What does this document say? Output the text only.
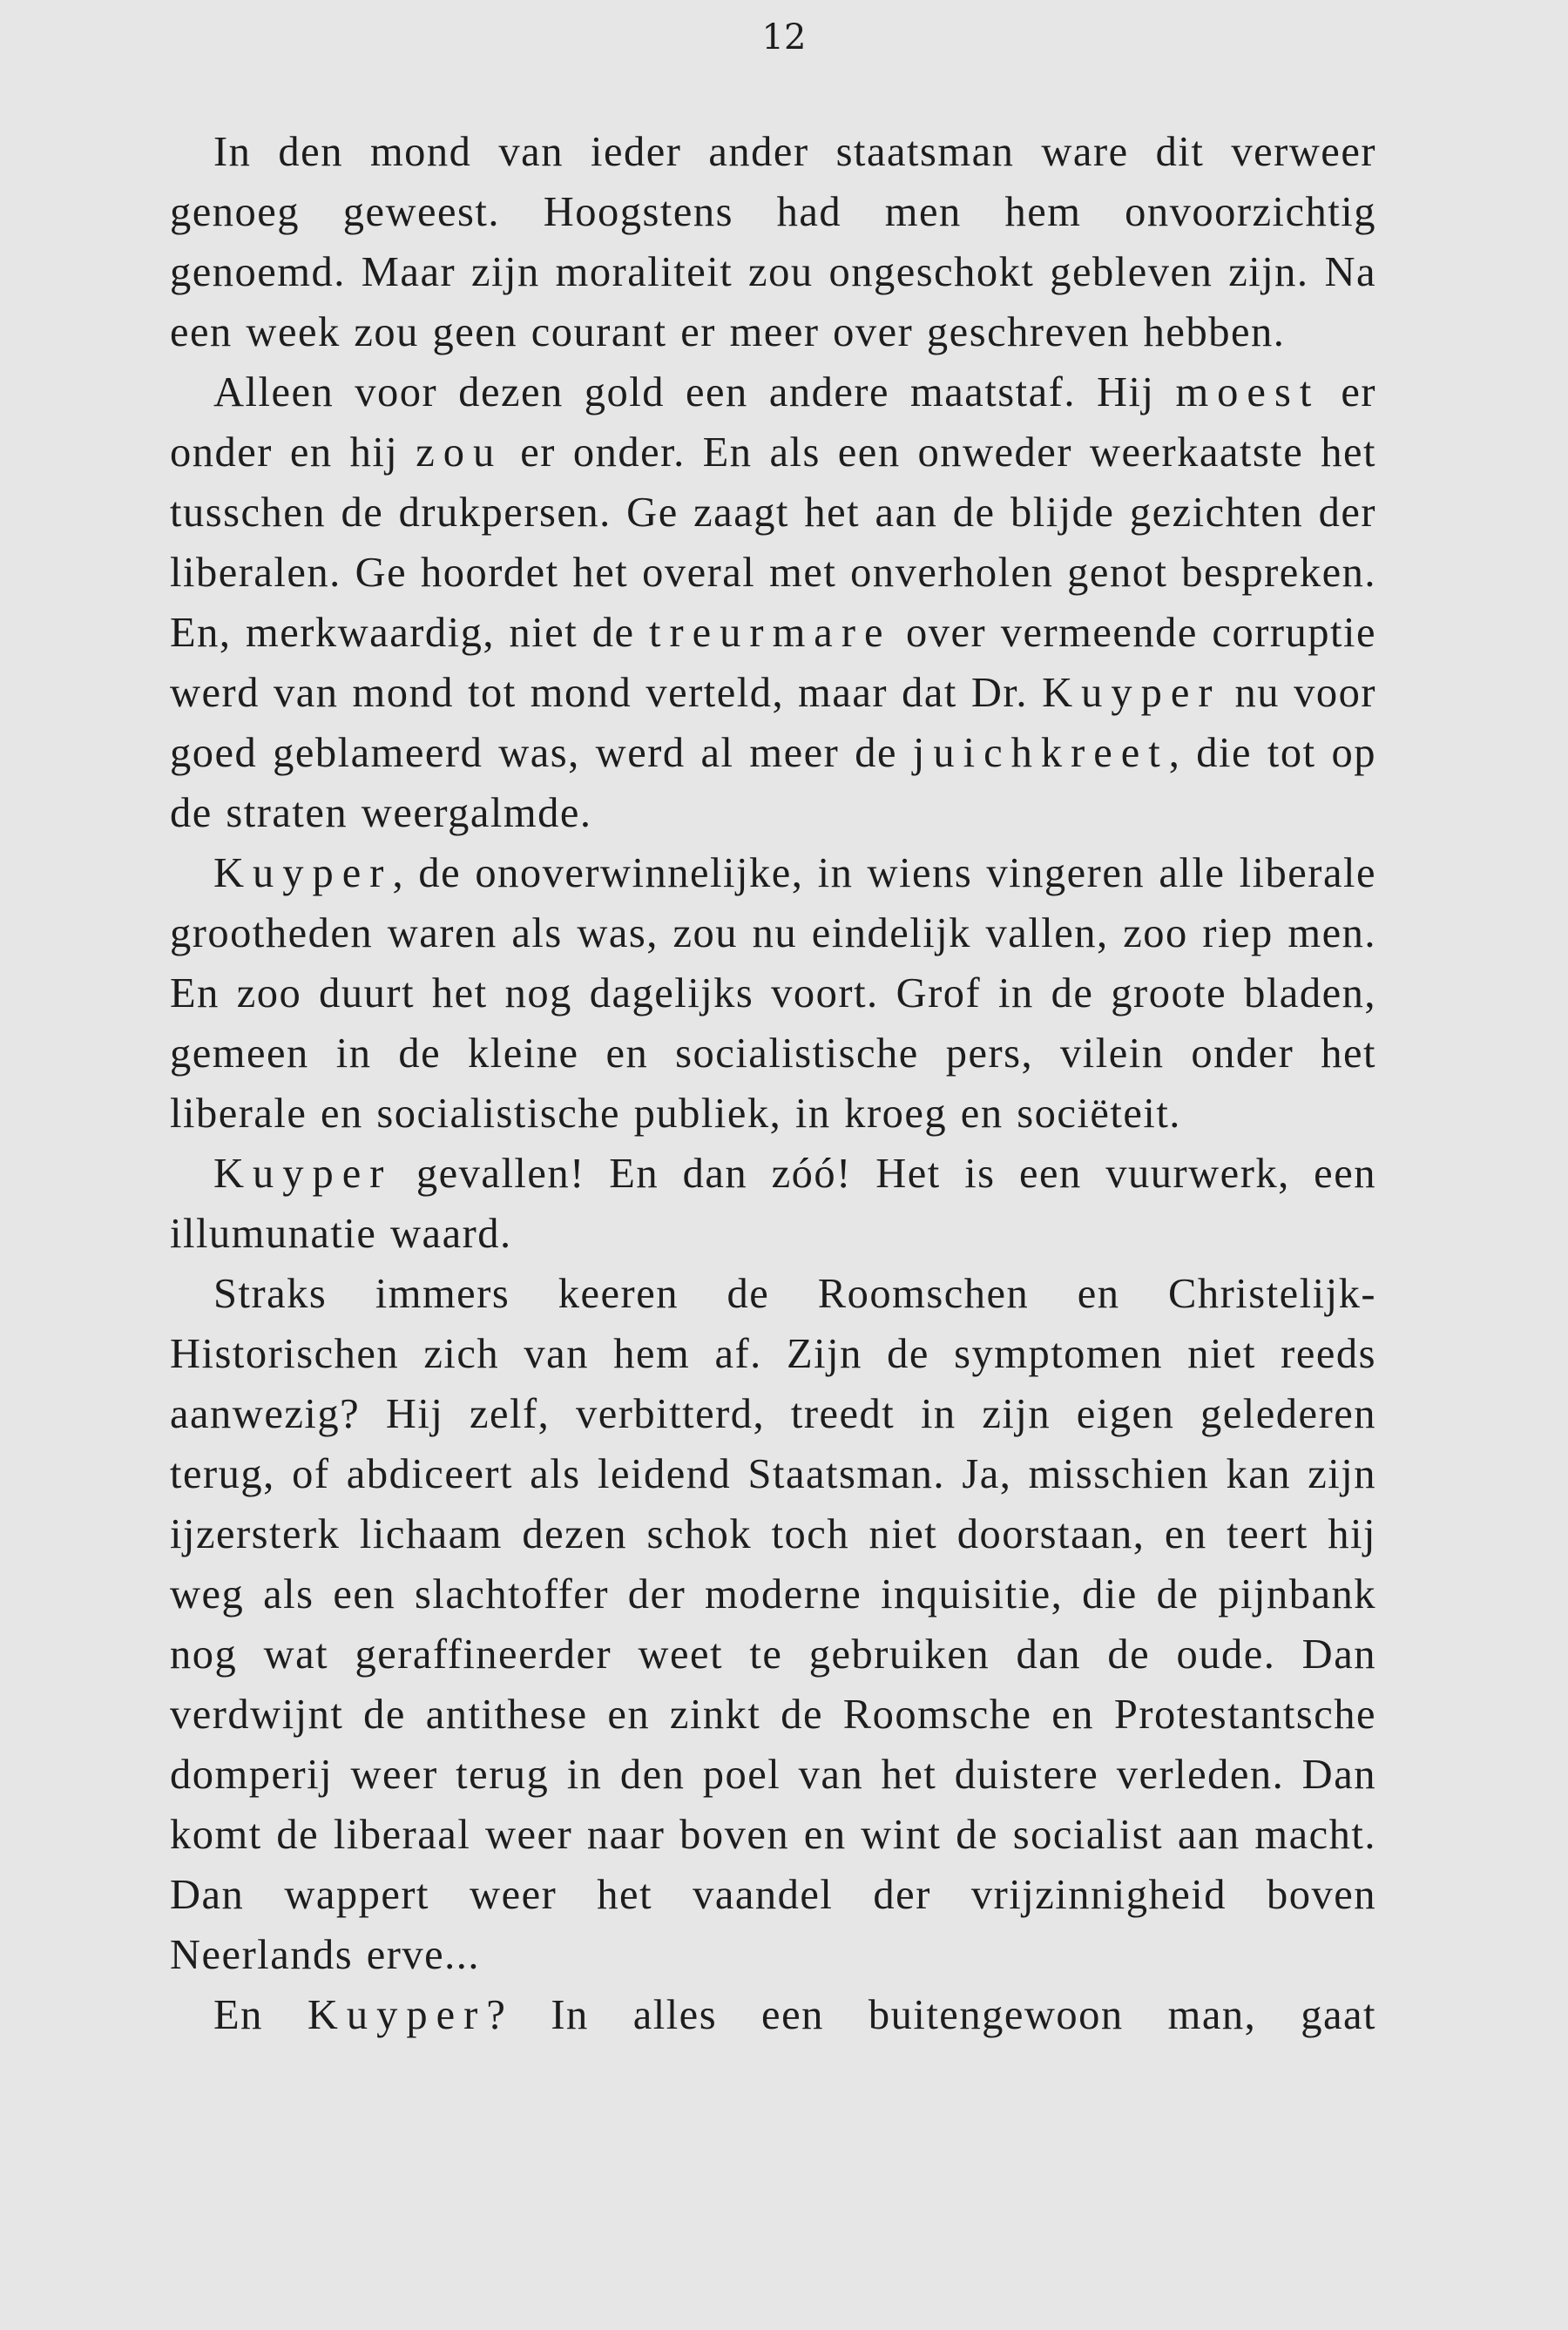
12

In den mond van ieder ander staatsman ware dit verweer genoeg geweest. Hoogstens had men hem onvoorzichtig genoemd. Maar zijn moraliteit zou ongeschokt gebleven zijn. Na een week zou geen courant er meer over geschreven hebben.

Alleen voor dezen gold een andere maatstaf. Hij moest er onder en hij zou er onder. En als een onweder weerkaatste het tusschen de drukpersen. Ge zaagt het aan de blijde gezichten der liberalen. Ge hoordet het overal met onverholen genot bespreken. En, merkwaardig, niet de treurmare over vermeende corruptie werd van mond tot mond verteld, maar dat Dr. Kuyper nu voor goed geblameerd was, werd al meer de juichkreet, die tot op de straten weergalmde.

Kuyper, de onoverwinnelijke, in wiens vingeren alle liberale grootheden waren als was, zou nu eindelijk vallen, zoo riep men. En zoo duurt het nog dagelijks voort. Grof in de groote bladen, gemeen in de kleine en socialistische pers, vilein onder het liberale en socialistische publiek, in kroeg en sociëteit.

Kuyper gevallen! En dan zóó! Het is een vuurwerk, een illumunatie waard.

Straks immers keeren de Roomschen en Christelijk-Historischen zich van hem af. Zijn de symptomen niet reeds aanwezig? Hij zelf, verbitterd, treedt in zijn eigen gelederen terug, of abdiceert als leidend Staatsman. Ja, misschien kan zijn ijzersterk lichaam dezen schok toch niet doorstaan, en teert hij weg als een slachtoffer der moderne inquisitie, die de pijnbank nog wat geraffineerder weet te gebruiken dan de oude. Dan verdwijnt de antithese en zinkt de Roomsche en Protestantsche domperij weer terug in den poel van het duistere verleden. Dan komt de liberaal weer naar boven en wint de socialist aan macht. Dan wappert weer het vaandel der vrijzinnigheid boven Neerlands erve...

En Kuyper? In alles een buitengewoon man, gaat
